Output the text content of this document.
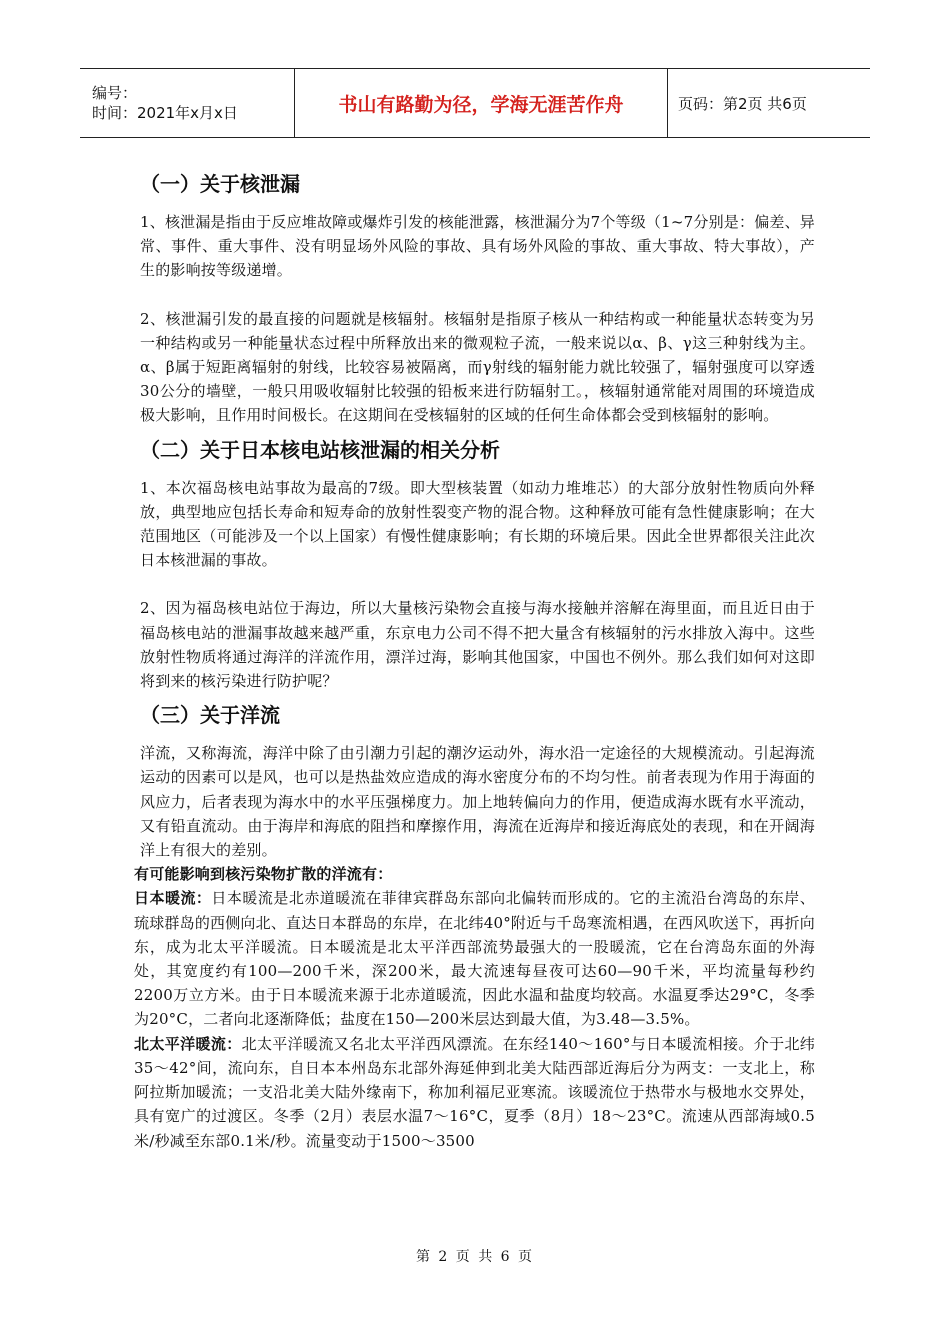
编号：
时间：2021年x月x日	书山有路勤为径，学海无涯苦作舟	页码：第2页 共6页
（一）关于核泄漏

1、核泄漏是指由于反应堆故障或爆炸引发的核能泄露，核泄漏分为7个等级（1~7分别是：偏差、异常、事件、重大事件、没有明显场外风险的事故、具有场外风险的事故、重大事故、特大事故），产生的影响按等级递增。

2、核泄漏引发的最直接的问题就是核辐射。核辐射是指原子核从一种结构或一种能量状态转变为另一种结构或另一种能量状态过程中所释放出来的微观粒子流，一般来说以α、β、γ这三种射线为主。α、β属于短距离辐射的射线，比较容易被隔离，而γ射线的辐射能力就比较强了，辐射强度可以穿透30公分的墙壁，一般只用吸收辐射比较强的铅板来进行防辐射工。，核辐射通常能对周围的环境造成极大影响，且作用时间极长。在这期间在受核辐射的区域的任何生命体都会受到核辐射的影响。

（二）关于日本核电站核泄漏的相关分析

1、本次福岛核电站事故为最高的7级。即大型核装置（如动力堆堆芯）的大部分放射性物质向外释放，典型地应包括长寿命和短寿命的放射性裂变产物的混合物。这种释放可能有急性健康影响；在大范围地区（可能涉及一个以上国家）有慢性健康影响；有长期的环境后果。因此全世界都很关注此次日本核泄漏的事故。

2、因为福岛核电站位于海边，所以大量核污染物会直接与海水接触并溶解在海里面，而且近日由于福岛核电站的泄漏事故越来越严重，东京电力公司不得不把大量含有核辐射的污水排放入海中。这些放射性物质将通过海洋的洋流作用，漂洋过海，影响其他国家，中国也不例外。那么我们如何对这即将到来的核污染进行防护呢？

（三）关于洋流

洋流，又称海流，海洋中除了由引潮力引起的潮汐运动外，海水沿一定途径的大规模流动。引起海流运动的因素可以是风，也可以是热盐效应造成的海水密度分布的不均匀性。前者表现为作用于海面的风应力，后者表现为海水中的水平压强梯度力。加上地转偏向力的作用，便造成海水既有水平流动，又有铅直流动。由于海岸和海底的阻挡和摩擦作用，海流在近海岸和接近海底处的表现，和在开阔海洋上有很大的差别。

有可能影响到核污染物扩散的洋流有：

日本暖流：日本暖流是北赤道暖流在菲律宾群岛东部向北偏转而形成的。它的主流沿台湾岛的东岸、琉球群岛的西侧向北、直达日本群岛的东岸，在北纬40°附近与千岛寒流相遇，在西风吹送下，再折向东，成为北太平洋暖流。日本暖流是北太平洋西部流势最强大的一股暖流，它在台湾岛东面的外海处，其宽度约有100—200千米，深200米，最大流速每昼夜可达60—90千米，平均流量每秒约2200万立方米。由于日本暖流来源于北赤道暖流，因此水温和盐度均较高。水温夏季达29°C，冬季为20°C，二者向北逐渐降低；盐度在150—200米层达到最大值，为3.48—3.5%。

北太平洋暖流：北太平洋暖流又名北太平洋西风漂流。在东经140～160°与日本暖流相接。介于北纬35～42°间，流向东，自日本本州岛东北部外海延伸到北美大陆西部近海后分为两支：一支北上，称阿拉斯加暖流；一支沿北美大陆外缘南下，称加利福尼亚寒流。该暖流位于热带水与极地水交界处，具有宽广的过渡区。冬季（2月）表层水温7～16°C，夏季（8月）18～23°C。流速从西部海域0.5米/秒减至东部0.1米/秒。流量变动于1500～3500

第 2 页 共 6 页
